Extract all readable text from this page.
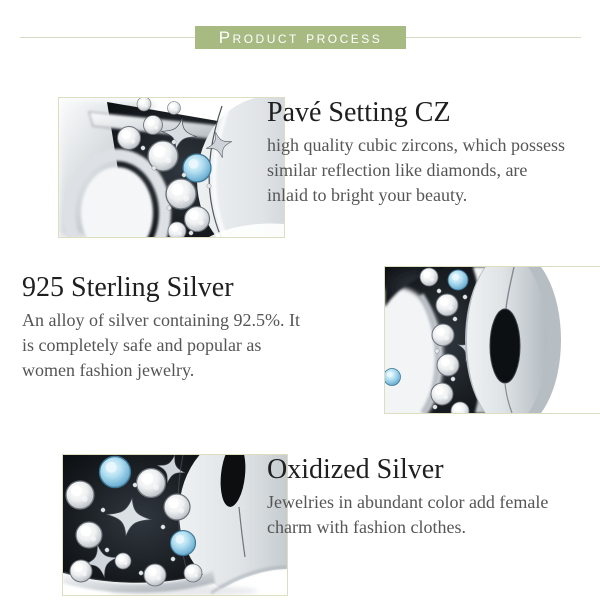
Product process
Pavé Setting CZ

high quality cubic zircons, which possess similar reflection like diamonds, are inlaid to bright your beauty.

925 Sterling Silver

An alloy of silver containing 92.5%. It is completely safe and popular as women fashion jewelry.

Oxidized Silver

Jewelries in abundant color add female charm with fashion clothes.
